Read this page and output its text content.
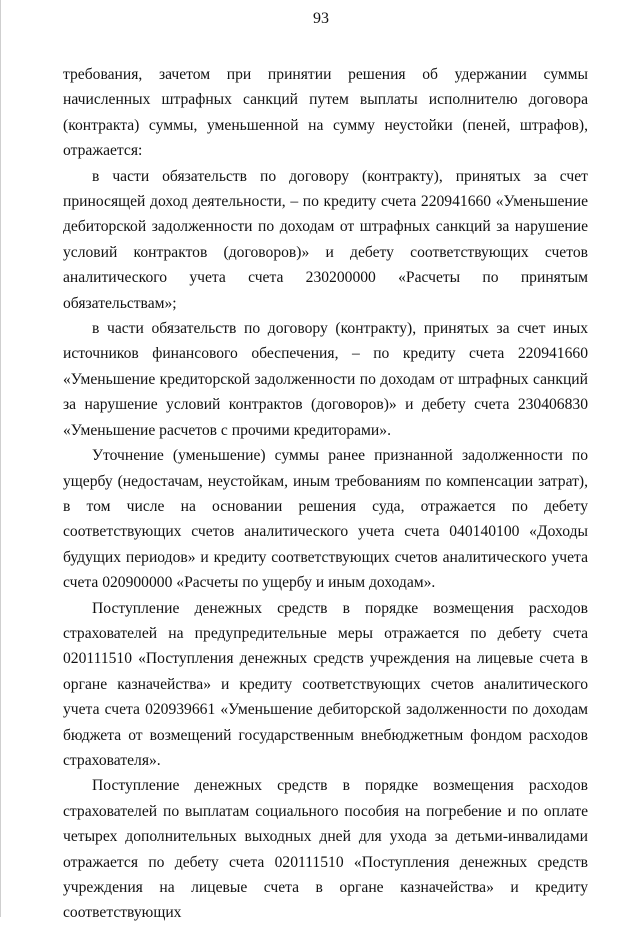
93

требования, зачетом при принятии решения об удержании суммы начисленных штрафных санкций путем выплаты исполнителю договора (контракта) суммы, уменьшенной на сумму неустойки (пеней, штрафов), отражается:

в части обязательств по договору (контракту), принятых за счет приносящей доход деятельности, – по кредиту счета 220941660 «Уменьшение дебиторской задолженности по доходам от штрафных санкций за нарушение условий контрактов (договоров)» и дебету соответствующих счетов аналитического учета счета 230200000 «Расчеты по принятым обязательствам»;

в части обязательств по договору (контракту), принятых за счет иных источников финансового обеспечения, – по кредиту счета 220941660 «Уменьшение кредиторской задолженности по доходам от штрафных санкций за нарушение условий контрактов (договоров)» и дебету счета 230406830 «Уменьшение расчетов с прочими кредиторами».

Уточнение (уменьшение) суммы ранее признанной задолженности по ущербу (недостачам, неустойкам, иным требованиям по компенсации затрат), в том числе на основании решения суда, отражается по дебету соответствующих счетов аналитического учета счета 040140100 «Доходы будущих периодов» и кредиту соответствующих счетов аналитического учета счета 020900000 «Расчеты по ущербу и иным доходам».

Поступление денежных средств в порядке возмещения расходов страхователей на предупредительные меры отражается по дебету счета 020111510 «Поступления денежных средств учреждения на лицевые счета в органе казначейства» и кредиту соответствующих счетов аналитического учета счета 020939661 «Уменьшение дебиторской задолженности по доходам бюджета от возмещений государственным внебюджетным фондом расходов страхователя».

Поступление денежных средств в порядке возмещения расходов страхователей по выплатам социального пособия на погребение и по оплате четырех дополнительных выходных дней для ухода за детьми-инвалидами отражается по дебету счета 020111510 «Поступления денежных средств учреждения на лицевые счета в органе казначейства» и кредиту соответствующих
